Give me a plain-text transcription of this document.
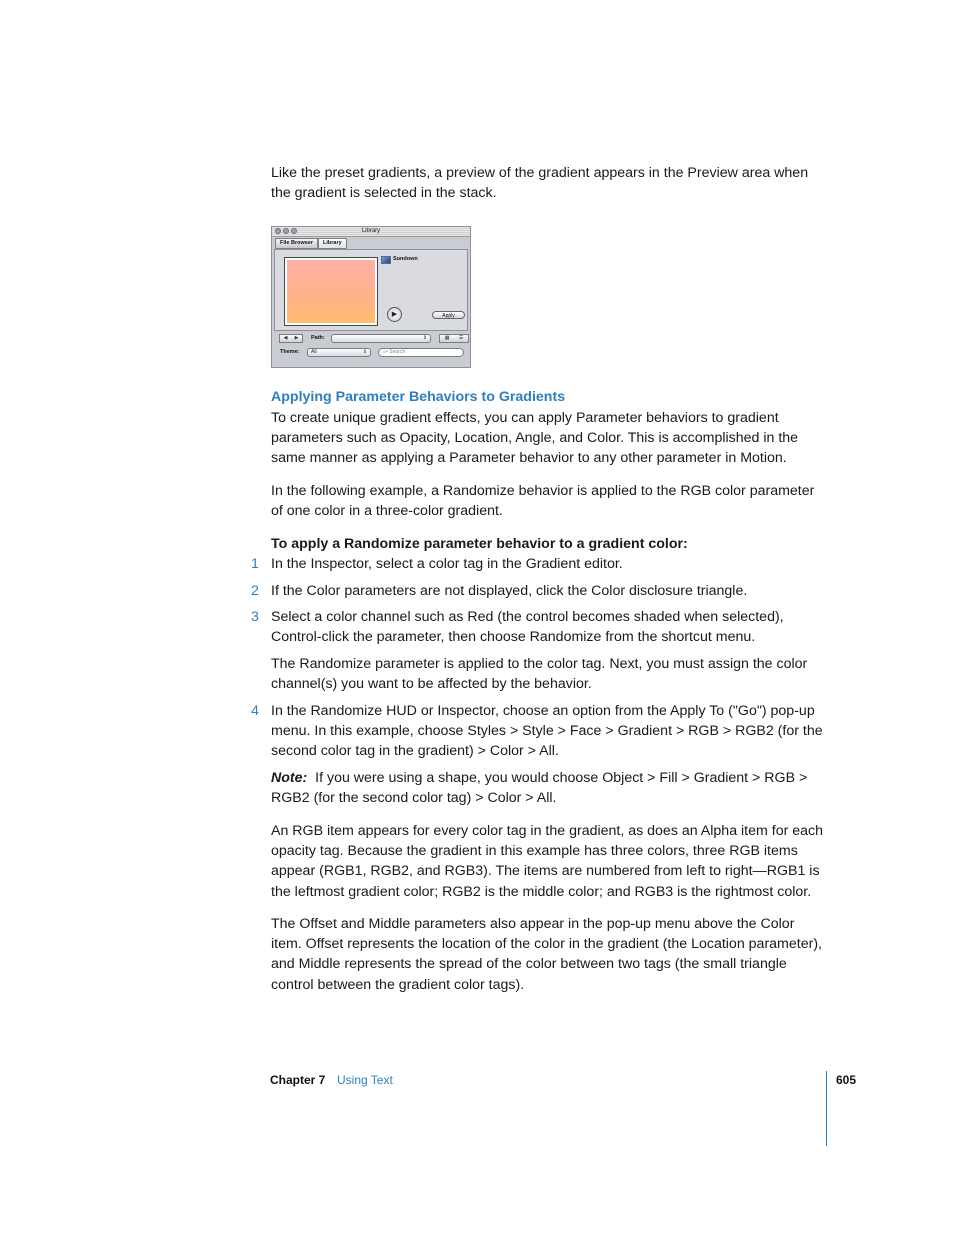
Like the preset gradients, a preview of the gradient appears in the Preview area when the gradient is selected in the stack.

Library
File Browser	Library
Sundown
▶	Apply
◀ ▶ Path:	⇕	▦ ☰
Theme:	All	⇕	⌕▾ Search
Applying Parameter Behaviors to Gradients

To create unique gradient effects, you can apply Parameter behaviors to gradient parameters such as Opacity, Location, Angle, and Color. This is accomplished in the same manner as applying a Parameter behavior to any other parameter in Motion.

In the following example, a Randomize behavior is applied to the RGB color parameter of one color in a three-color gradient.

To apply a Randomize parameter behavior to a gradient color:

1 In the Inspector, select a color tag in the Gradient editor.

2 If the Color parameters are not displayed, click the Color disclosure triangle.

3 Select a color channel such as Red (the control becomes shaded when selected), Control-click the parameter, then choose Randomize from the shortcut menu.

The Randomize parameter is applied to the color tag. Next, you must assign the color channel(s) you want to be affected by the behavior.

4 In the Randomize HUD or Inspector, choose an option from the Apply To ("Go") pop-up menu. In this example, choose Styles > Style > Face > Gradient > RGB > RGB2 (for the second color tag in the gradient) > Color > All.

Note: If you were using a shape, you would choose Object > Fill > Gradient > RGB > RGB2 (for the second color tag) > Color > All.

An RGB item appears for every color tag in the gradient, as does an Alpha item for each opacity tag. Because the gradient in this example has three colors, three RGB items appear (RGB1, RGB2, and RGB3). The items are numbered from left to right—RGB1 is the leftmost gradient color; RGB2 is the middle color; and RGB3 is the rightmost color.

The Offset and Middle parameters also appear in the pop-up menu above the Color item. Offset represents the location of the color in the gradient (the Location parameter), and Middle represents the spread of the color between two tags (the small triangle control between the gradient color tags).

Chapter 7 Using Text	605
